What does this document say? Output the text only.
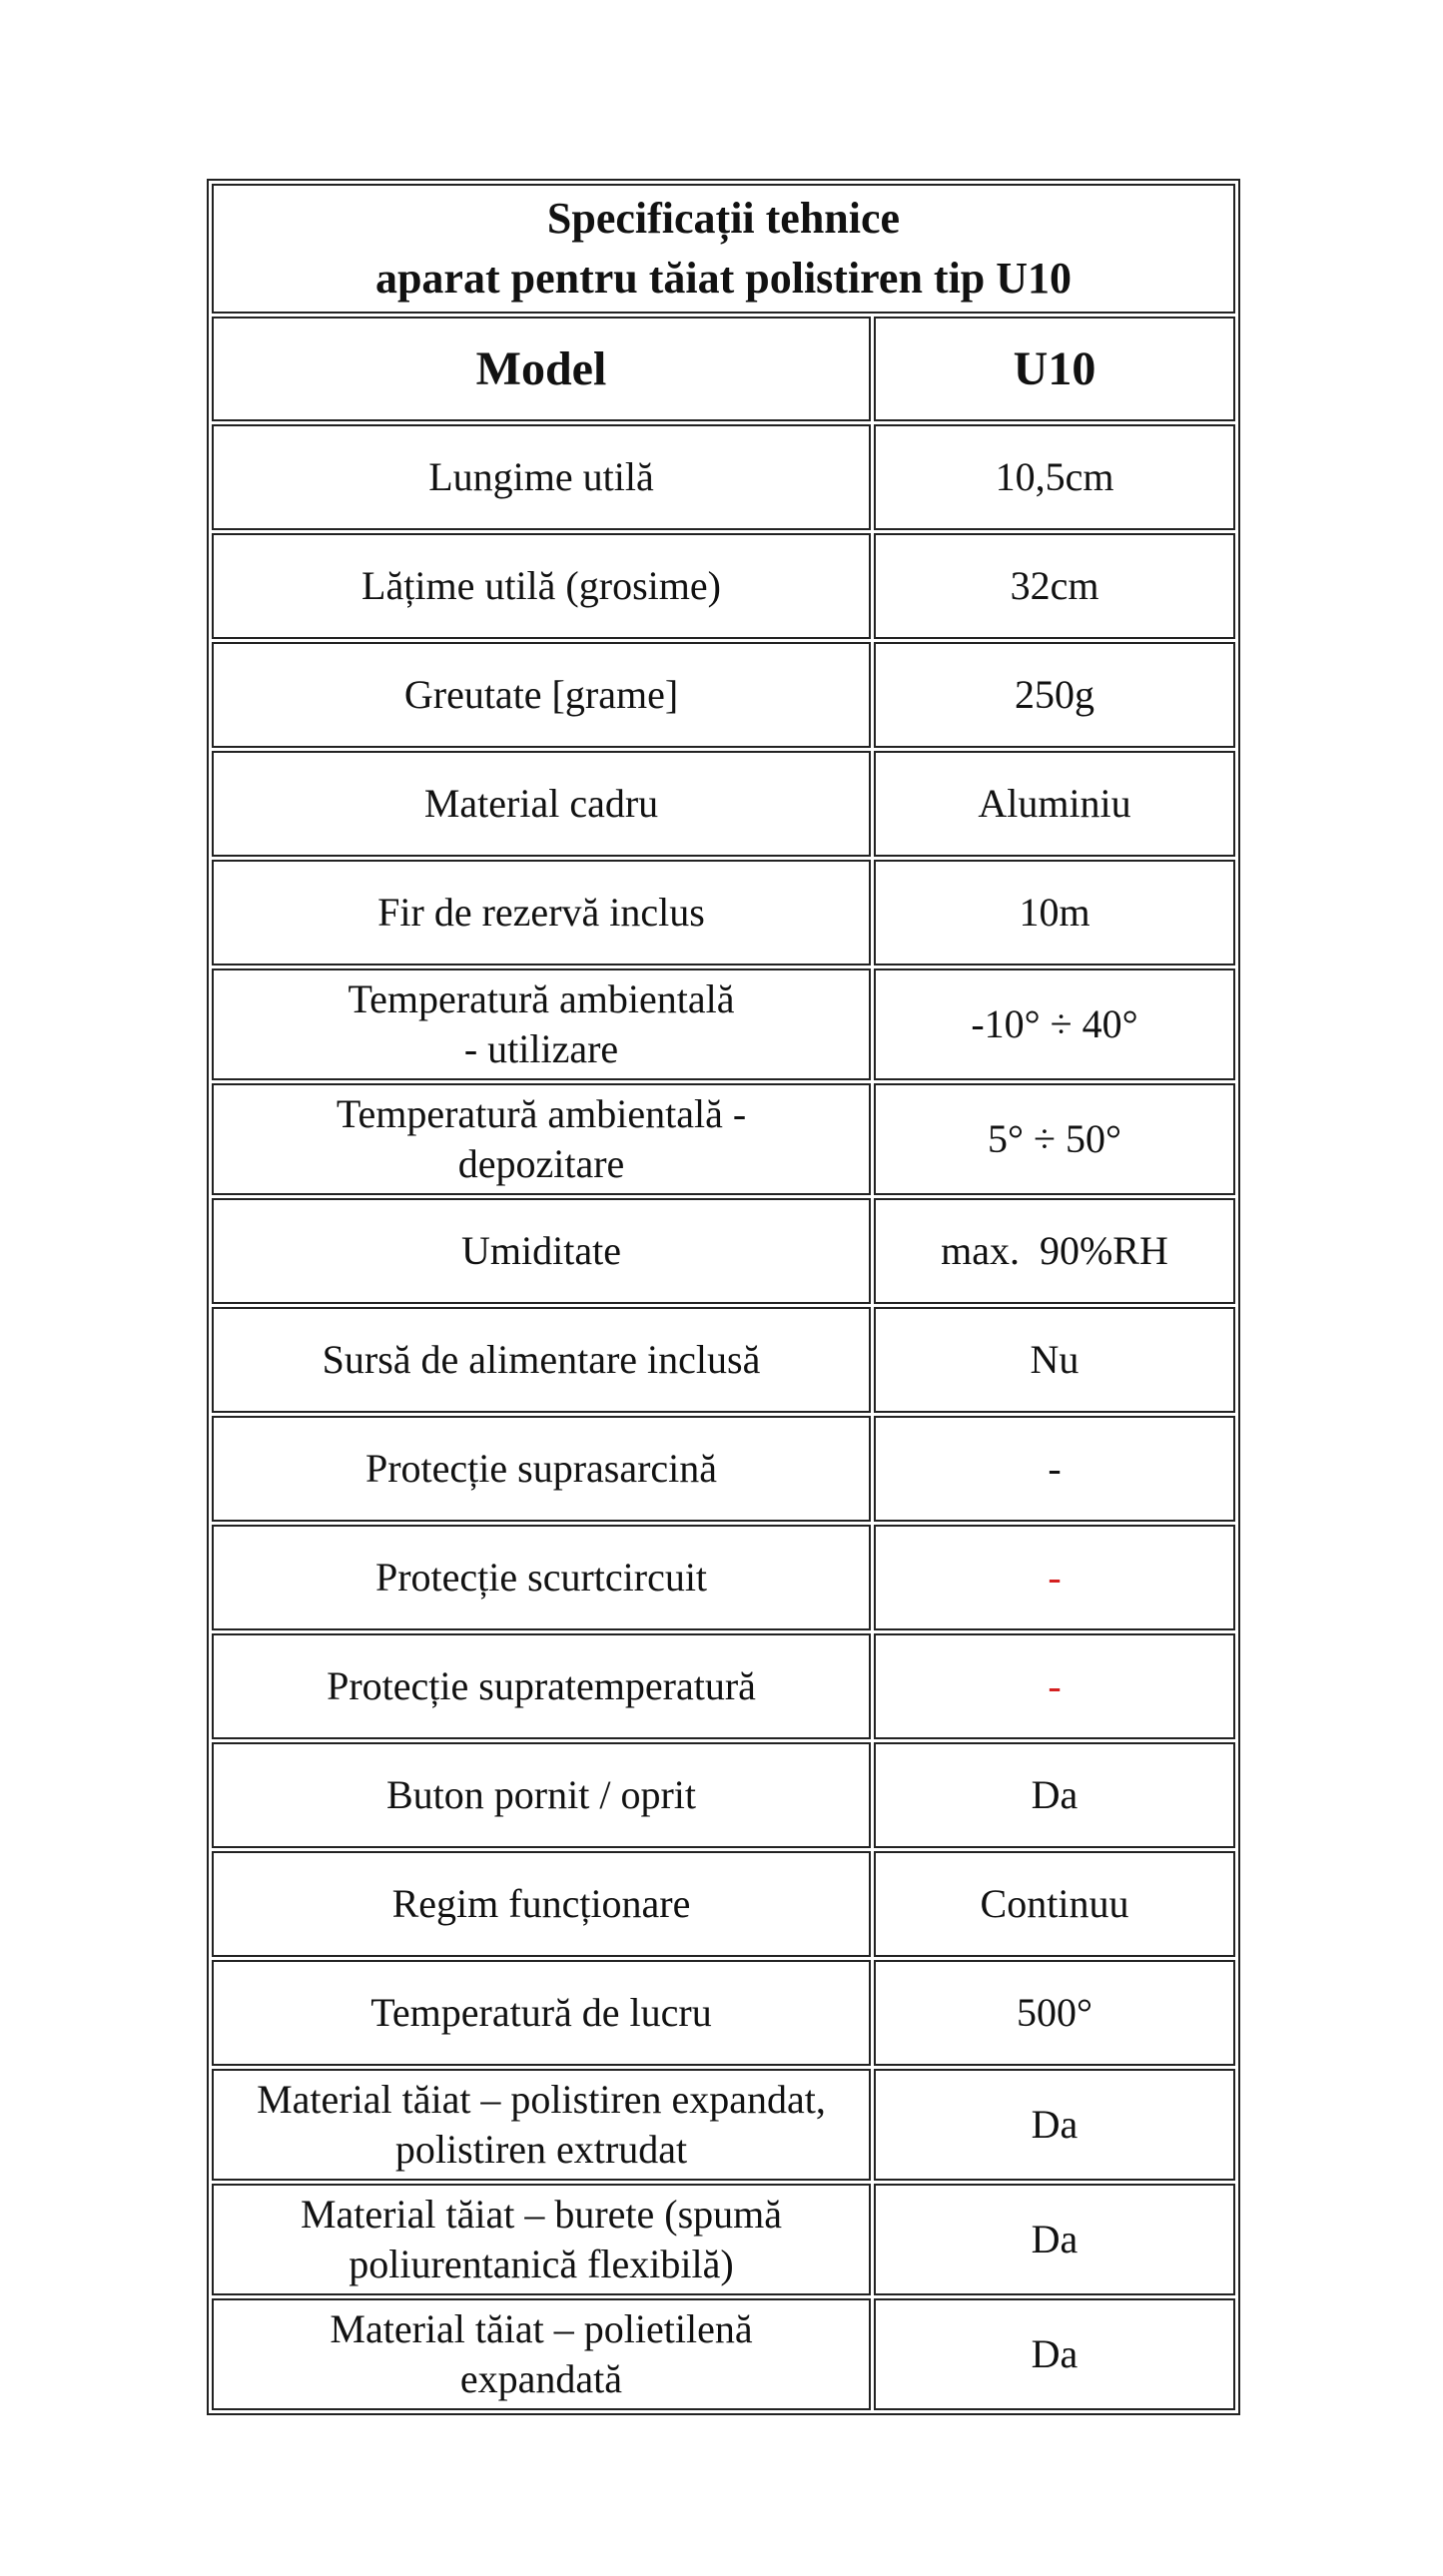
Specificații tehnice
aparat pentru tăiat polistiren tip U10	

Model	U10
Lungime utilă	10,5cm
Lățime utilă (grosime)	32cm
Greutate [grame]	250g
Material cadru	Aluminiu
Fir de rezervă inclus	10m

Temperatură ambientală
- utilizare	-10° ÷ 40°

Temperatură ambientală -
depozitare	5° ÷ 50°
Umiditate	max.  90%RH
Sursă de alimentare inclusă	Nu
Protecție suprasarcină	-
Protecție scurtcircuit	-
Protecție supratemperatură	-
Buton pornit / oprit	Da
Regim funcționare	Continuu
Temperatură de lucru	500°

Material tăiat – polistiren expandat,
polistiren extrudat	Da

Material tăiat – burete (spumă
poliurentanică flexibilă)	Da

Material tăiat – polietilenă
expandată	Da
